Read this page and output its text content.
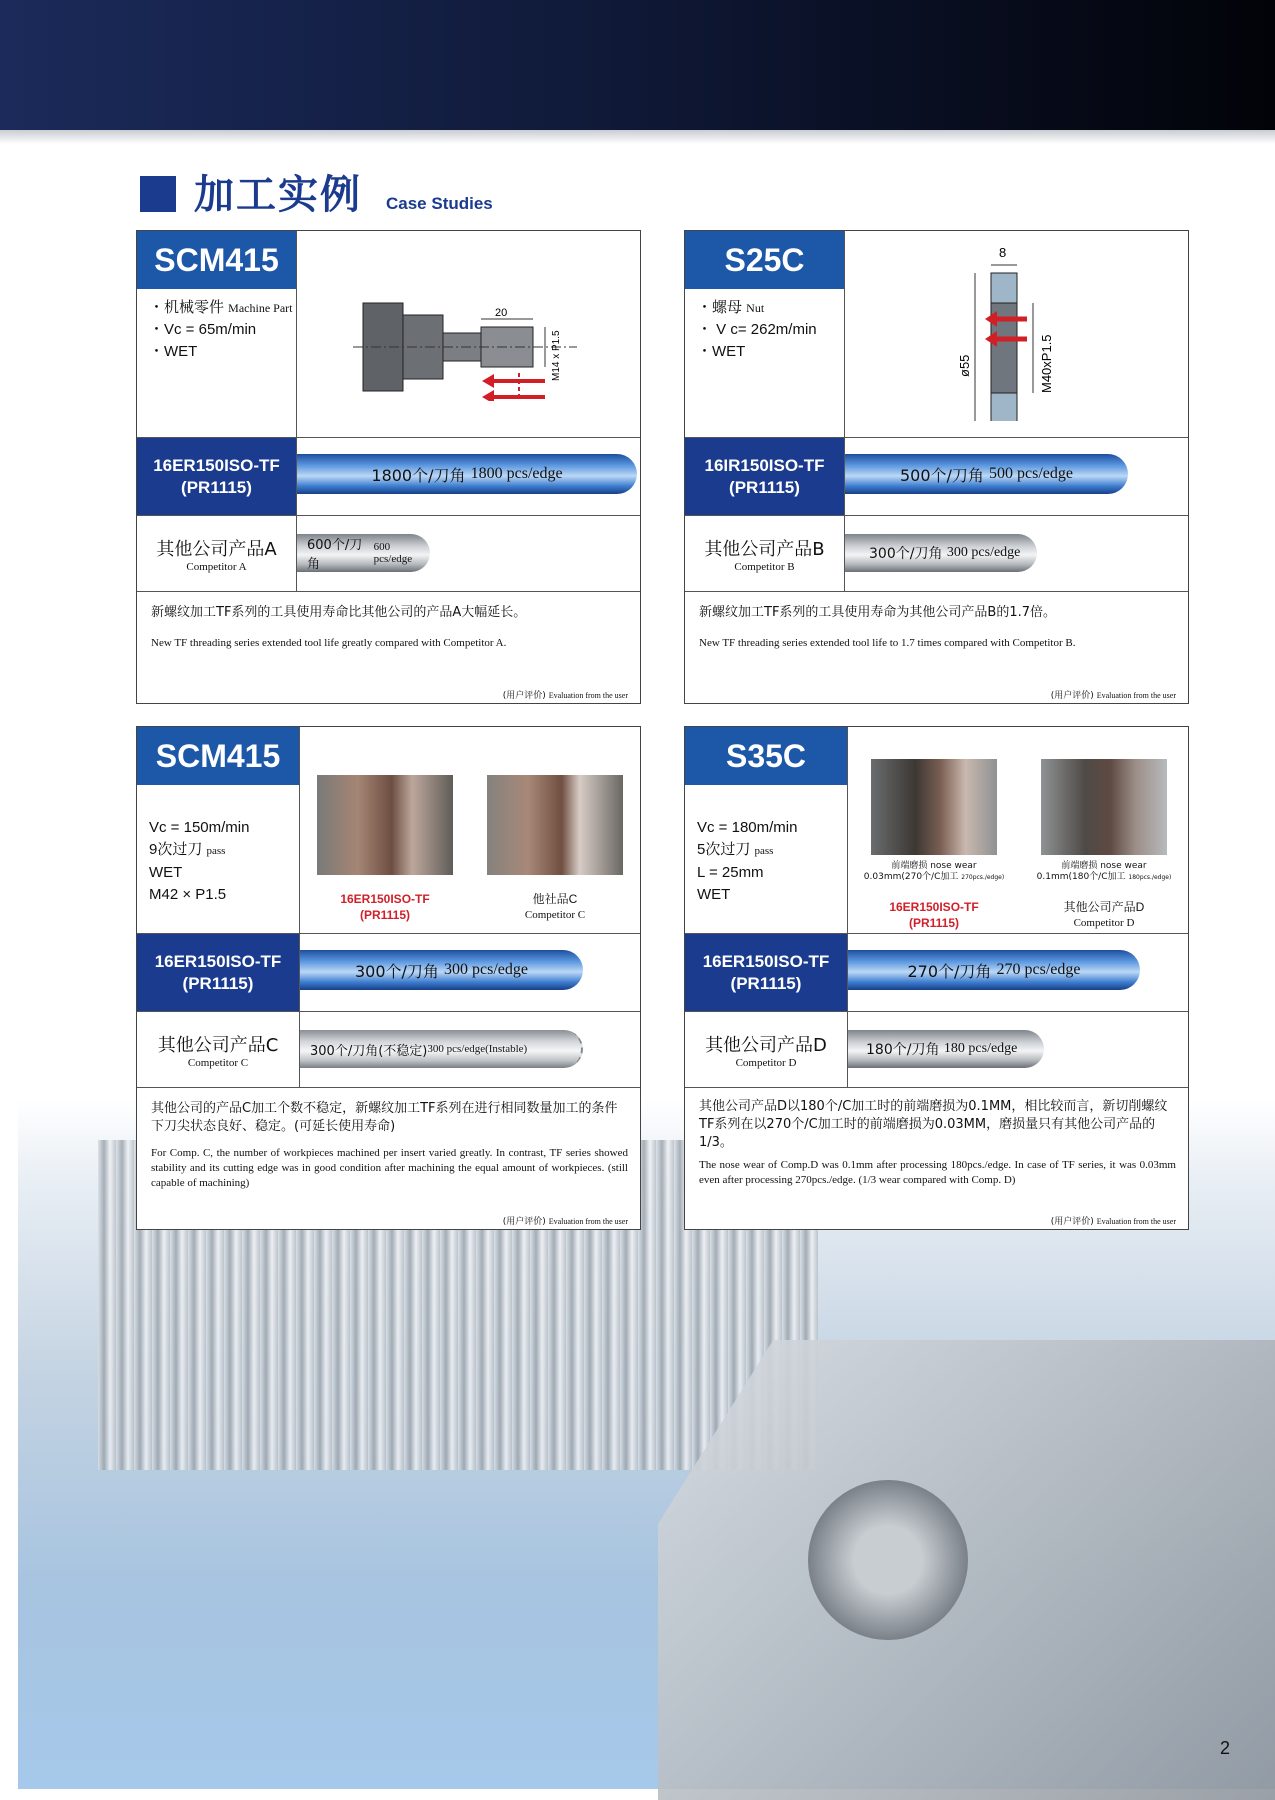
加工实例 Case Studies
SCM415
・机械零件 Machine Part
・Vc = 65m/min
・WET
20
M14 x P1.5
16ER150ISO-TF
(PR1115)
1800个/刀角
1800 pcs/edge
其他公司产品A
Competitor A
600个/刀角
600 pcs/edge
新螺纹加工TF系列的工具使用寿命比其他公司的产品A大幅延长。
New TF threading series extended tool life greatly compared with Competitor A.
(用户评价) Evaluation from the user
S25C
・螺母 Nut
・ V c= 262m/min
・WET
8
ø55	M40xP1.5
16IR150ISO-TF
(PR1115)
500个/刀角
500 pcs/edge
其他公司产品B
Competitor B
300个/刀角
300 pcs/edge
新螺纹加工TF系列的工具使用寿命为其他公司产品B的1.7倍。
New TF threading series extended tool life to 1.7 times compared with Competitor B.
(用户评价) Evaluation from the user
SCM415
Vc = 150m/min
9次过刀 pass
WET
M42 × P1.5	16ER150ISO-TF
(PR1115)
他社品C
Competitor C
16ER150ISO-TF
(PR1115)
300个/刀角
300 pcs/edge
其他公司产品C
Competitor C
300个/刀角(不稳定) 300 pcs/edge(Instable)
其他公司的产品C加工个数不稳定，新螺纹加工TF系列在进行相同数量加工的条件下刀尖状态良好、稳定。(可延长使用寿命)
For Comp. C, the number of workpieces machined per insert varied greatly. In contrast, TF series showed stability and its cutting edge was in good condition after machining the equal amount of workpieces. (still capable of machining)
(用户评价) Evaluation from the user
S35C
Vc = 180m/min
5次过刀 pass
L = 25mm
WET
前端磨损 nose wear
0.03mm(270个/C加工 270pcs./edge)
前端磨损 nose wear
0.1mm(180个/C加工 180pcs./edge)
16ER150ISO-TF
(PR1115)
其他公司产品D
Competitor D
16ER150ISO-TF
(PR1115)
270个/刀角
270 pcs/edge
其他公司产品D
Competitor D
180个/刀角
180 pcs/edge
其他公司产品D以180个/C加工时的前端磨损为0.1MM，相比较而言，新切削螺纹TF系列在以270个/C加工时的前端磨损为0.03MM，磨损量只有其他公司产品的1/3。
The nose wear of Comp.D was 0.1mm after processing 180pcs./edge. In case of TF series, it was 0.03mm even after processing 270pcs./edge. (1/3 wear compared with Comp. D)
(用户评价) Evaluation from the user
2
